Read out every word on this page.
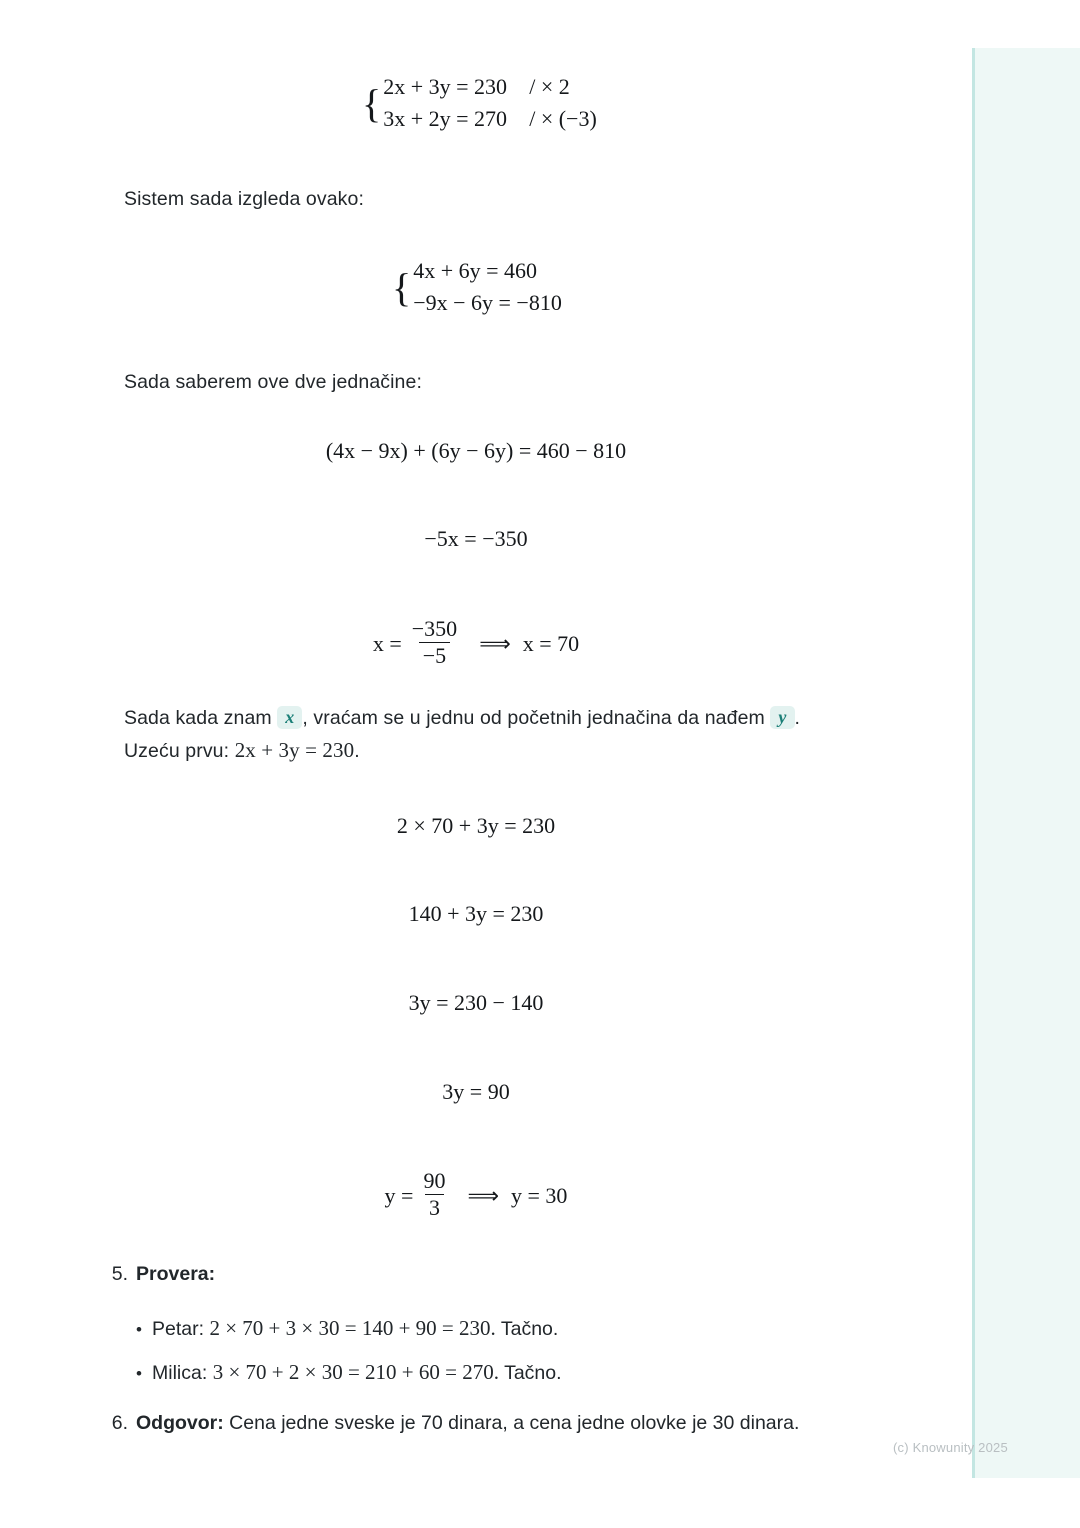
{ 2x + 3y = 230	/ × 2
3x + 2y = 270	/ × (−3)
Sistem sada izgleda ovako:
{ 4x + 6y = 460
−9x − 6y = −810
Sada saberem ove dve jednačine:
(4x − 9x) + (6y − 6y) = 460 − 810
−5x = −350
$x = \frac{-350}{-5}$ ⟹ x = 70
Sada kada znam x , vraćam se u jednu od početnih jednačina da nađem y . Uzeću prvu: 2x + 3y = 230.
2 × 70 + 3y = 230
140 + 3y = 230
3y = 230 − 140
3y = 90
$y = \frac{90}{3}$ ⟹ y = 30
5. Provera:
• Petar: 2 × 70 + 3 × 30 = 140 + 90 = 230. Tačno.
• Milica: 3 × 70 + 2 × 30 = 210 + 60 = 270. Tačno.
6. Odgovor: Cena jedne sveske je 70 dinara, a cena jedne olovke je 30 dinara.
(c) Knowunity 2025
